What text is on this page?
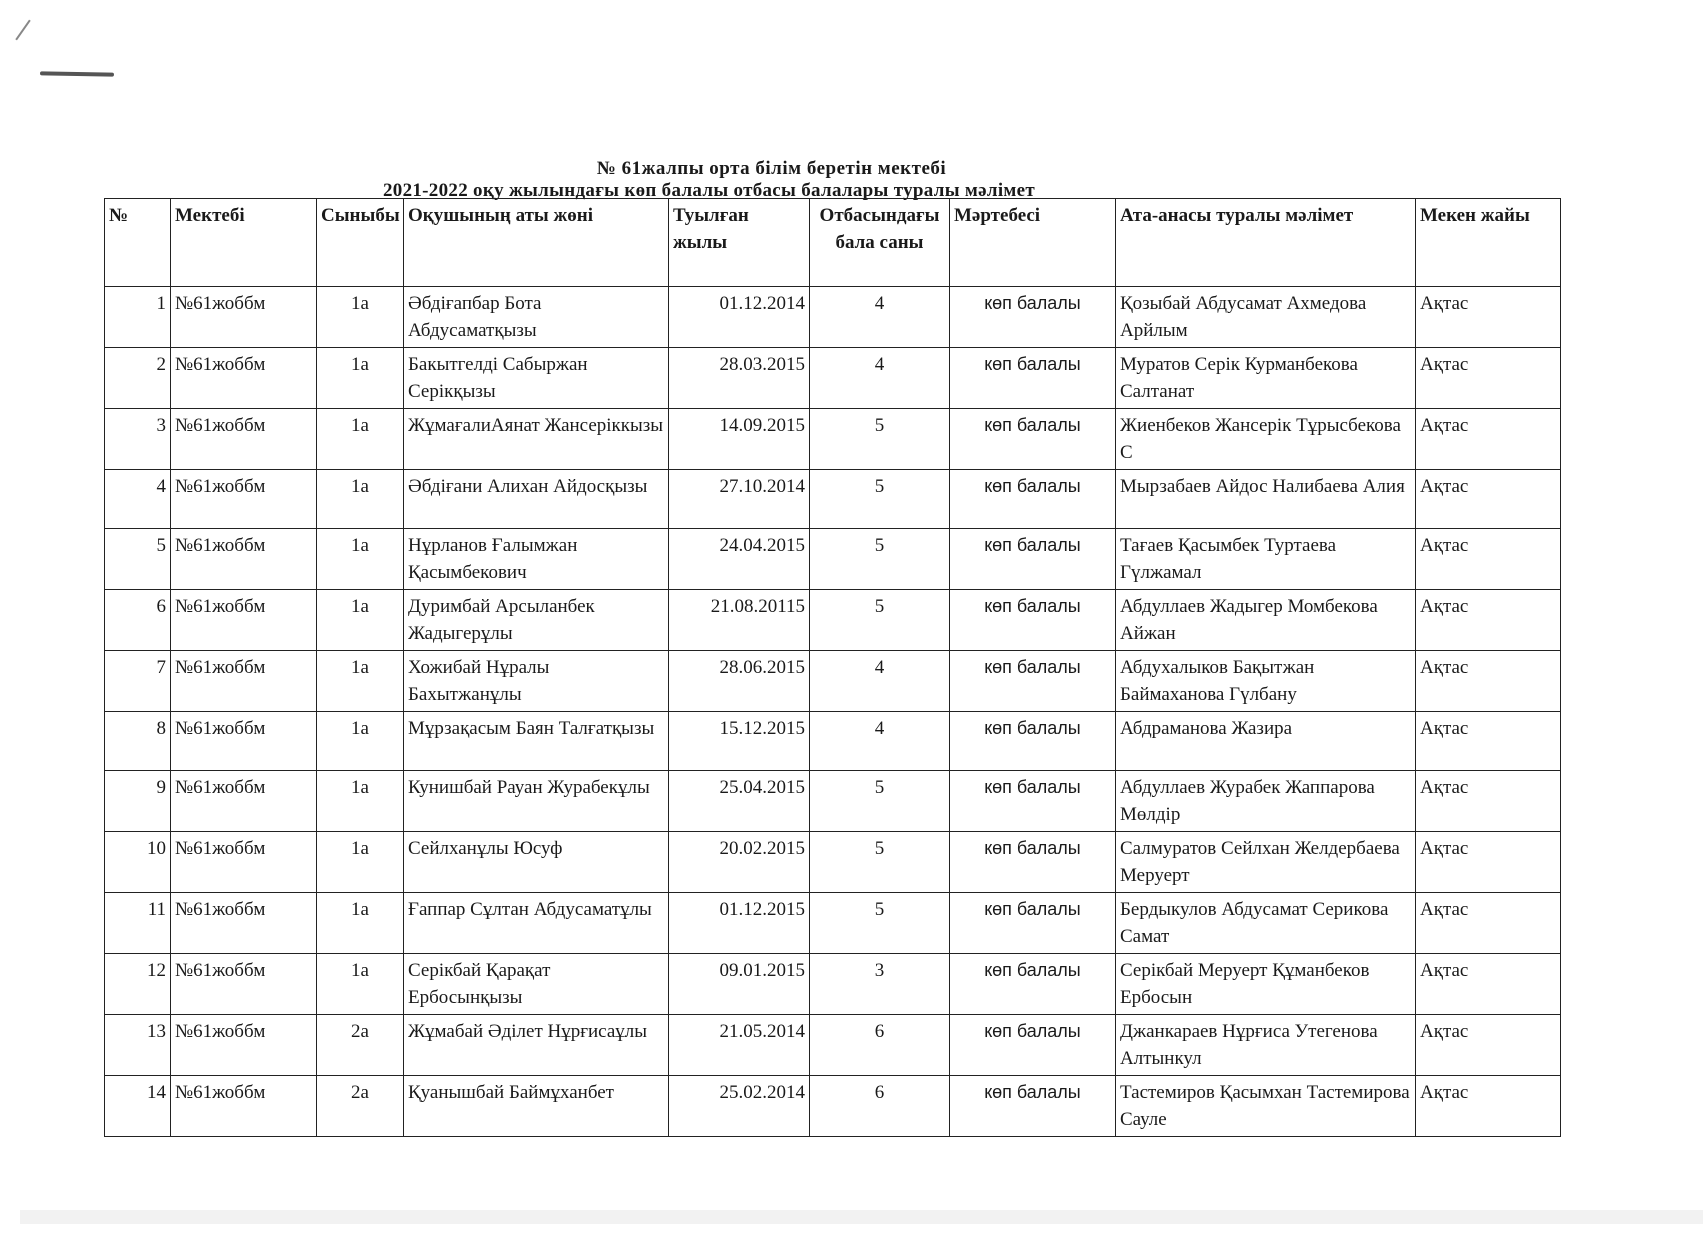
№ 61жалпы орта білім беретін мектебі
2021-2022 оқу жылындағы көп балалы отбасы балалары туралы мәлімет
№	Мектебі	Сыныбы	Оқушының аты жөні	Туылған жылы	Отбасындағы бала саны	Мәртебесі	Ата-анасы туралы мәлімет	Мекен жайы
1	№61жоббм	1а	Әбдіғапбар Бота Абдусаматқызы	01.12.2014	4	көп балалы	Қозыбай Абдусамат Ахмедова Арйлым	Ақтас
2	№61жоббм	1а	Бакытгелді Сабыржан Серікқызы	28.03.2015	4	көп балалы	Муратов Серік Курманбекова Салтанат	Ақтас
3	№61жоббм	1а	ЖұмағалиАянат Жансеріккызы	14.09.2015	5	көп балалы	Жиенбеков Жансерік Тұрысбекова С	Ақтас
4	№61жоббм	1а	Әбдіғани Алихан Айдосқызы	27.10.2014	5	көп балалы	Мырзабаев Айдос Налибаева Алия	Ақтас
5	№61жоббм	1а	Нұрланов Ғалымжан Қасымбекович	24.04.2015	5	көп балалы	Тағаев Қасымбек Туртаева Гүлжамал	Ақтас
6	№61жоббм	1а	Дуримбай Арсыланбек Жадыгерұлы	21.08.20115	5	көп балалы	Абдуллаев Жадыгер Момбекова Айжан	Ақтас
7	№61жоббм	1а	Хожибай Нұралы Бахытжанұлы	28.06.2015	4	көп балалы	Абдухалыков Бақытжан Баймаханова Гүлбану	Ақтас
8	№61жоббм	1а	Мұрзақасым Баян Талғатқызы	15.12.2015	4	көп балалы	Абдраманова Жазира	Ақтас
9	№61жоббм	1а	Кунишбай Рауан Журабекұлы	25.04.2015	5	көп балалы	Абдуллаев Журабек Жаппарова Мөлдір	Ақтас
10	№61жоббм	1а	Сейлханұлы Юсуф	20.02.2015	5	көп балалы	Салмуратов Сейлхан Желдербаева Меруерт	Ақтас
11	№61жоббм	1а	Ғаппар Сұлтан Абдусаматұлы	01.12.2015	5	көп балалы	Бердыкулов Абдусамат Серикова Самат	Ақтас
12	№61жоббм	1а	Серікбай Қарақат Ербосынқызы	09.01.2015	3	көп балалы	Серікбай Меруерт Құманбеков Ербосын	Ақтас
13	№61жоббм	2а	Жұмабай Әділет Нұрғисаұлы	21.05.2014	6	көп балалы	Джанкараев Нұрғиса Утегенова Алтынкул	Ақтас
14	№61жоббм	2а	Қуанышбай Баймұханбет	25.02.2014	6	көп балалы	Тастемиров Қасымхан Тастемирова Сауле	Ақтас
